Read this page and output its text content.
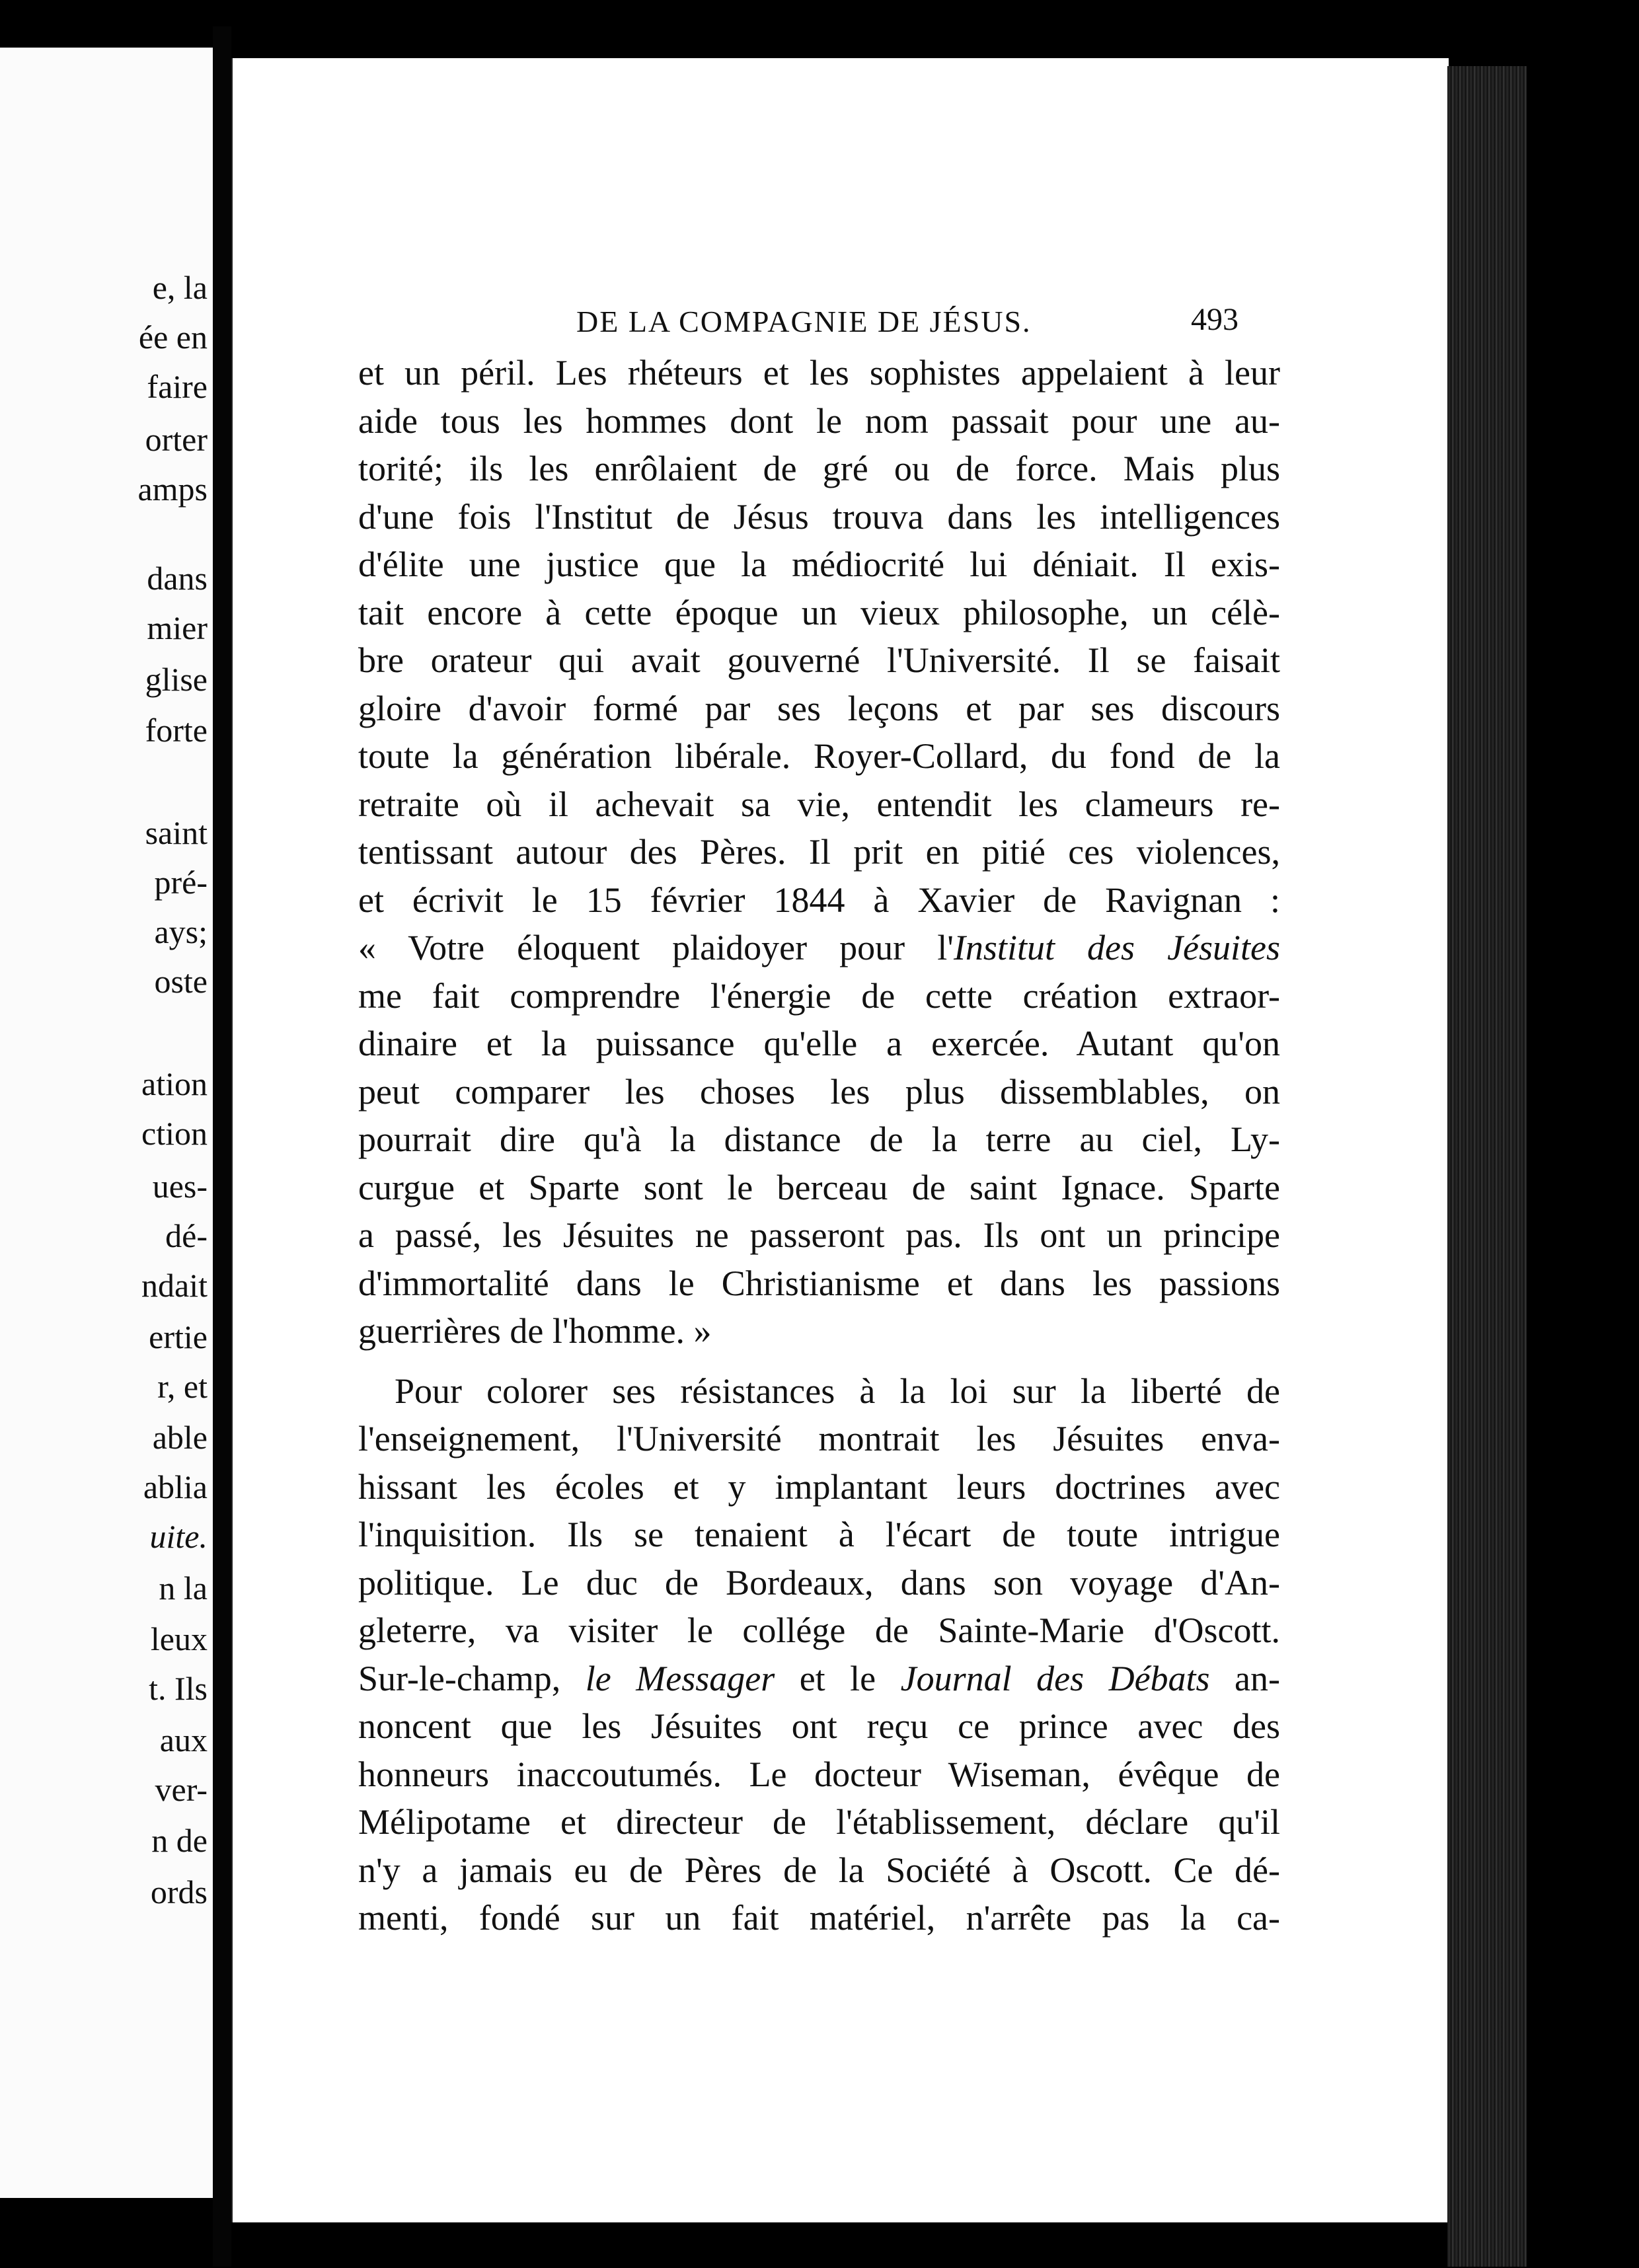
e, la
ée en
faire
orter
amps
dans
mier
glise
forte
saint
pré-
ays;
oste
ation
ction
ues-
dé-
ndait
ertie
r, et
able
ablia
uite.
n la
leux
t. Ils
aux
ver-
n de
ords
DE LA COMPAGNIE DE JÉSUS.	493
et un péril. Les rhéteurs et les sophistes appelaient à leur
aide tous les hommes dont le nom passait pour une au-
torité; ils les enrôlaient de gré ou de force. Mais plus
d'une fois l'Institut de Jésus trouva dans les intelligences
d'élite une justice que la médiocrité lui déniait. Il exis-
tait encore à cette époque un vieux philosophe, un célè-
bre orateur qui avait gouverné l'Université. Il se faisait
gloire d'avoir formé par ses leçons et par ses discours
toute la génération libérale. Royer-Collard, du fond de la
retraite où il achevait sa vie, entendit les clameurs re-
tentissant autour des Pères. Il prit en pitié ces violences,
et écrivit le 15 février 1844 à Xavier de Ravignan :
« Votre éloquent plaidoyer pour l'Institut des Jésuites
me fait comprendre l'énergie de cette création extraor-
dinaire et la puissance qu'elle a exercée. Autant qu'on
peut comparer les choses les plus dissemblables, on
pourrait dire qu'à la distance de la terre au ciel, Ly-
curgue et Sparte sont le berceau de saint Ignace. Sparte
a passé, les Jésuites ne passeront pas. Ils ont un principe
d'immortalité dans le Christianisme et dans les passions
guerrières de l'homme. »
Pour colorer ses résistances à la loi sur la liberté de
l'enseignement, l'Université montrait les Jésuites enva-
hissant les écoles et y implantant leurs doctrines avec
l'inquisition. Ils se tenaient à l'écart de toute intrigue
politique. Le duc de Bordeaux, dans son voyage d'An-
gleterre, va visiter le collége de Sainte-Marie d'Oscott.
Sur-le-champ, le Messager et le Journal des Débats an-
noncent que les Jésuites ont reçu ce prince avec des
honneurs inaccoutumés. Le docteur Wiseman, évêque de
Mélipotame et directeur de l'établissement, déclare qu'il
n'y a jamais eu de Pères de la Société à Oscott. Ce dé-
menti, fondé sur un fait matériel, n'arrête pas la ca-
